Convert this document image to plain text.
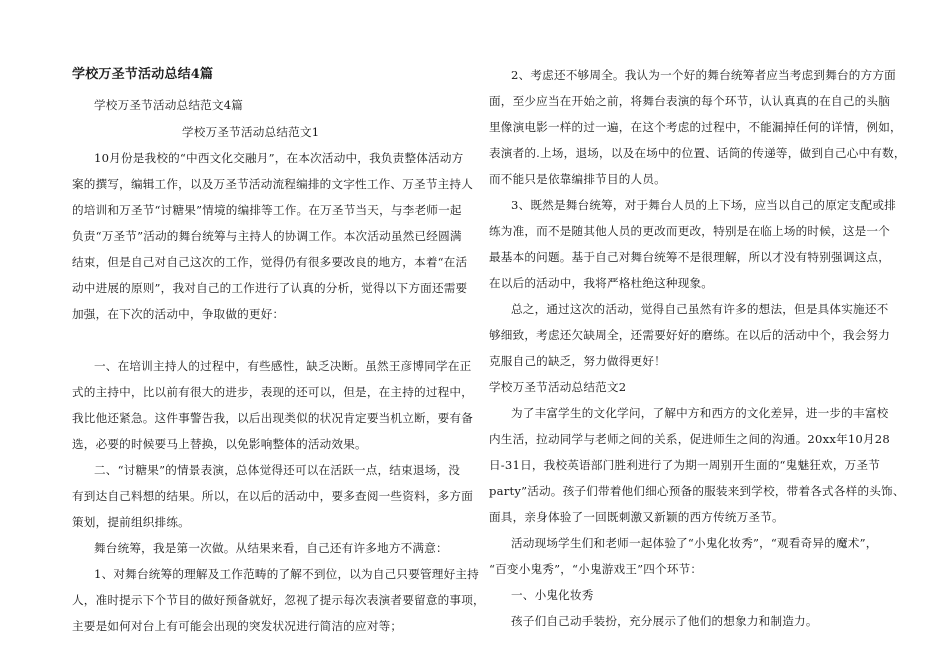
学校万圣节活动总结4篇
学校万圣节活动总结范文4篇
学校万圣节活动总结范文1
10月份是我校的“中西文化交融月”，在本次活动中，我负责整体活动方
案的撰写，编辑工作，以及万圣节活动流程编排的文字性工作、万圣节主持人
的培训和万圣节“讨糖果”情境的编排等工作。在万圣节当天，与李老师一起
负责“万圣节”活动的舞台统筹与主持人的协调工作。本次活动虽然已经圆满
结束，但是自己对自己这次的工作，觉得仍有很多要改良的地方，本着“在活
动中进展的原则”，我对自己的工作进行了认真的分析，觉得以下方面还需要
加强，在下次的活动中，争取做的更好：
一、在培训主持人的过程中，有些感性，缺乏决断。虽然王彦博同学在正
式的主持中，比以前有很大的进步，表现的还可以，但是，在主持的过程中，
我比他还紧急。这件事警告我，以后出现类似的状况肯定要当机立断，要有备
选，必要的时候要马上替换，以免影响整体的活动效果。
二、“讨糖果”的情景表演，总体觉得还可以在活跃一点，结束退场，没
有到达自己料想的结果。所以，在以后的活动中，要多查阅一些资料，多方面
策划，提前组织排练。
舞台统筹，我是第一次做。从结果来看，自己还有许多地方不满意：
1、对舞台统筹的理解及工作范畴的了解不到位，以为自己只要管理好主持
人，准时提示下个节目的做好预备就好，忽视了提示每次表演者要留意的事项，
主要是如何对台上有可能会出现的突发状况进行简洁的应对等；
2、考虑还不够周全。我认为一个好的舞台统筹者应当考虑到舞台的方方面
面，至少应当在开始之前，将舞台表演的每个环节，认认真真的在自己的头脑
里像演电影一样的过一遍，在这个考虑的过程中，不能漏掉任何的详情，例如，
表演者的.上场，退场，以及在场中的位置、话筒的传递等，做到自己心中有数，
而不能只是依靠编排节目的人员。
3、既然是舞台统筹，对于舞台人员的上下场，应当以自己的原定支配或排
练为准，而不是随其他人员的更改而更改，特别是在临上场的时候，这是一个
最基本的问题。基于自己对舞台统筹不是很理解，所以才没有特别强调这点，
在以后的活动中，我将严格杜绝这种现象。
总之，通过这次的活动，觉得自己虽然有许多的想法，但是具体实施还不
够细致，考虑还欠缺周全，还需要好好的磨练。在以后的活动中个，我会努力
克服自己的缺乏，努力做得更好！
学校万圣节活动总结范文2
为了丰富学生的文化学问，了解中方和西方的文化差异，进一步的丰富校
内生活，拉动同学与老师之间的关系，促进师生之间的沟通。20xx年10月28
日-31日，我校英语部门胜利进行了为期一周别开生面的“鬼魅狂欢，万圣节
party”活动。孩子们带着他们细心预备的服装来到学校，带着各式各样的头饰、
面具，亲身体验了一回既刺激又新颖的西方传统万圣节。
活动现场学生们和老师一起体验了“小鬼化妆秀”，“观看奇异的魔术”，
“百变小鬼秀”，“小鬼游戏王”四个环节：
一、小鬼化妆秀
孩子们自己动手装扮，充分展示了他们的想象力和制造力。
